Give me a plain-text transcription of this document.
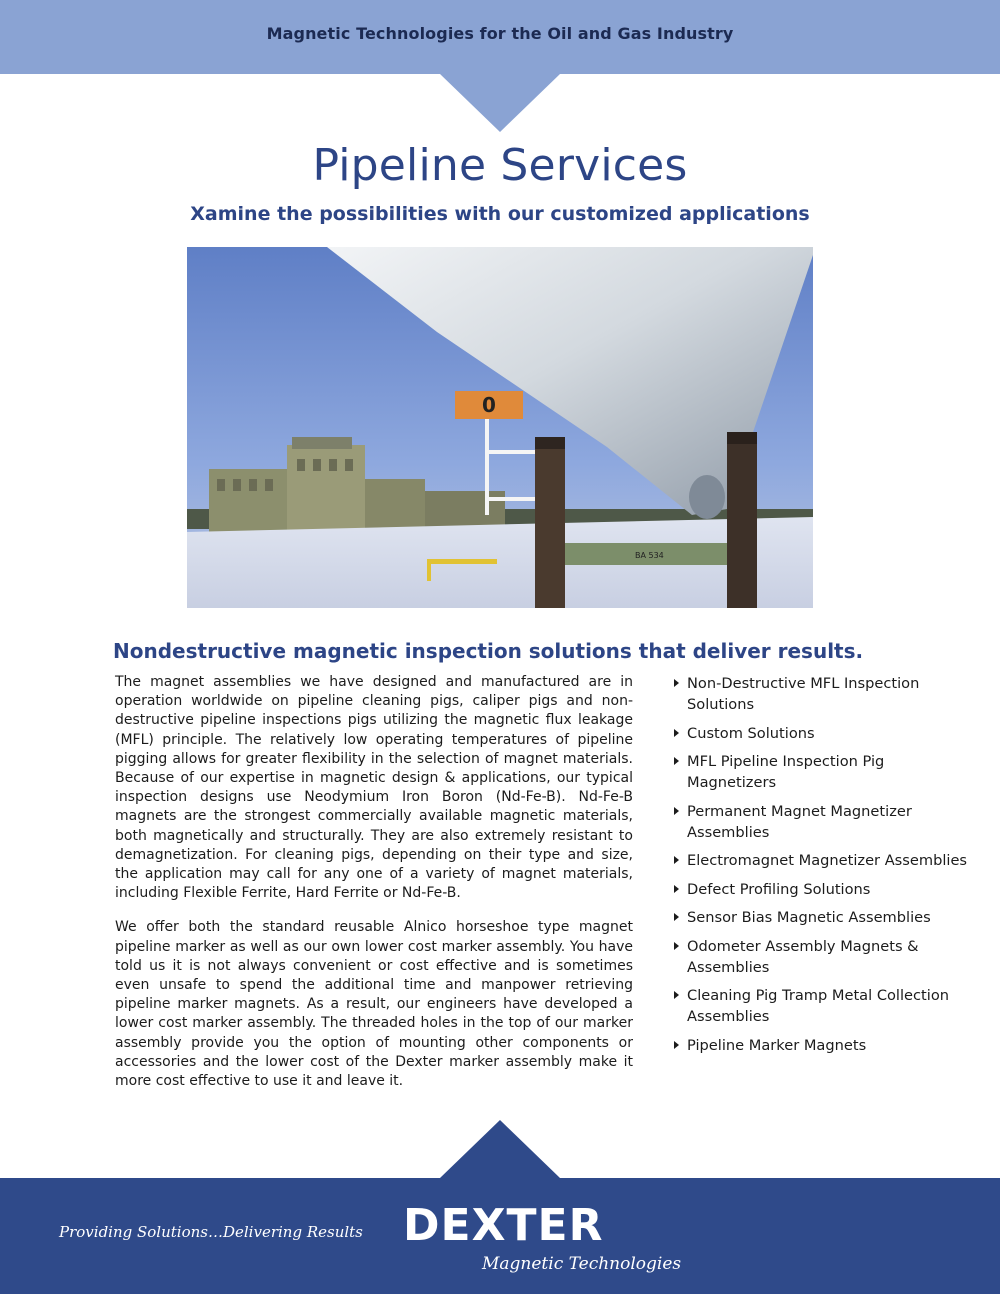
Magnetic Technologies for the Oil and Gas Industry
Pipeline Services
Xamine the possibilities with our customized applications
0
BA 534
Nondestructive magnetic inspection solutions that deliver results.

The magnet assemblies we have designed and manufactured are in operation worldwide on pipeline cleaning pigs, caliper pigs and non-destructive pipeline inspections pigs utilizing the magnetic flux leakage (MFL) principle. The relatively low operating temperatures of pipeline pigging allows for greater flexibility in the selection of magnet materials. Because of our expertise in magnetic design & applications, our typical inspection designs use Neodymium Iron Boron (Nd-Fe-B). Nd-Fe-B magnets are the strongest commercially available magnetic materials, both magnetically and structurally. They are also extremely resistant to demagnetization. For cleaning pigs, depending on their type and size, the application may call for any one of a variety of magnet materials, including Flexible Ferrite, Hard Ferrite or Nd-Fe-B.

We offer both the standard reusable Alnico horseshoe type magnet pipeline marker as well as our own lower cost marker assembly. You have told us it is not always convenient or cost effective and is sometimes even unsafe to spend the additional time and manpower retrieving pipeline marker magnets. As a result, our engineers have developed a lower cost marker assembly. The threaded holes in the top of our marker assembly provide you the option of mounting other components or accessories and the lower cost of the Dexter marker assembly make it more cost effective to use it and leave it.

Non-Destructive MFL Inspection Solutions
Custom Solutions
MFL Pipeline Inspection Pig Magnetizers
Permanent Magnet Magnetizer Assemblies
Electromagnet Magnetizer Assemblies
Defect Profiling Solutions
Sensor Bias Magnetic Assemblies
Odometer Assembly Magnets & Assemblies
Cleaning Pig Tramp Metal Collection Assemblies
Pipeline Marker Magnets
Providing Solutions…Delivering Results DEXTER
Magnetic Technologies
